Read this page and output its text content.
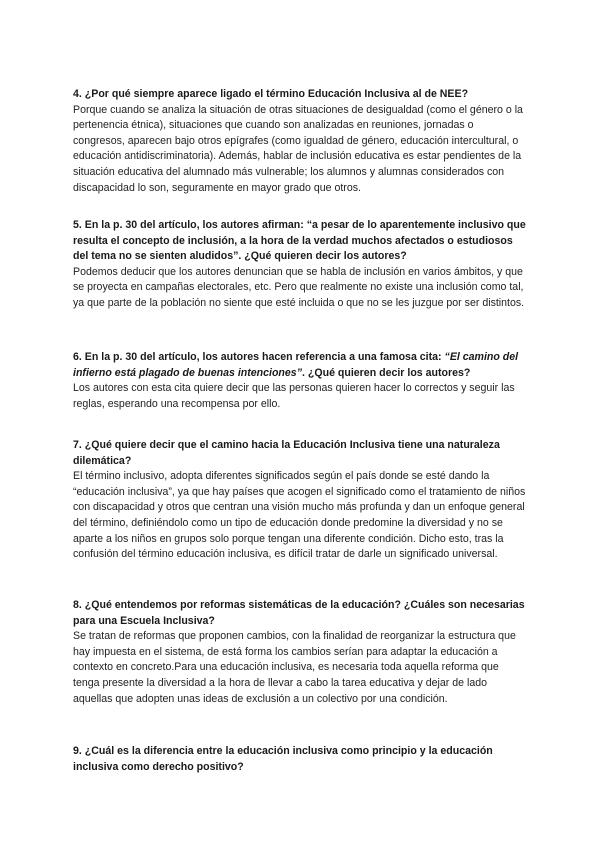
4. ¿Por qué siempre aparece ligado el término Educación Inclusiva al de NEE?

Porque cuando se analiza la situación de otras situaciones de desigualdad (como el género o la pertenencia étnica), situaciones que cuando son analizadas en reuniones, jornadas o congresos, aparecen bajo otros epígrafes (como igualdad de género, educación intercultural, o educación antidiscriminatoria). Además, hablar de inclusión educativa es estar pendientes de la situación educativa del alumnado más vulnerable; los alumnos y alumnas considerados con discapacidad lo son, seguramente en mayor grado que otros.

5. En la p. 30 del artículo, los autores afirman: “a pesar de lo aparentemente inclusivo que resulta el concepto de inclusión, a la hora de la verdad muchos afectados o estudiosos del tema no se sienten aludidos”. ¿Qué quieren decir los autores?

Podemos deducir que los autores denuncian que se habla de inclusión en varios ámbitos, y que se proyecta en campañas electorales, etc. Pero que realmente no existe una inclusión como tal, ya que parte de la población no siente que esté incluida o que no se les juzgue por ser distintos.

6. En la p. 30 del artículo, los autores hacen referencia a una famosa cita: “El camino del infierno está plagado de buenas intenciones”. ¿Qué quieren decir los autores?

Los autores con esta cita quiere decir que las personas quieren hacer lo correctos y seguir las reglas, esperando una recompensa por ello.

7. ¿Qué quiere decir que el camino hacia la Educación Inclusiva tiene una naturaleza dilemática?

El término inclusivo, adopta diferentes significados según el país donde se esté dando la “educación inclusiva”, ya que hay países que acogen el significado como el tratamiento de niños con discapacidad y otros que centran una visión mucho más profunda y dan un enfoque general del término, definiéndolo como un tipo de educación donde predomine la diversidad y no se aparte a los niños en grupos solo porque tengan una diferente condición. Dicho esto, tras la confusión del término educación inclusiva, es difícil tratar de darle un significado universal.

8. ¿Qué entendemos por reformas sistemáticas de la educación? ¿Cuáles son necesarias para una Escuela Inclusiva?

Se tratan de reformas que proponen cambios, con la finalidad de reorganizar la estructura que hay impuesta en el sistema, de está forma los cambios serían para adaptar la educación a contexto en concreto.Para una educación inclusiva, es necesaria toda aquella reforma que tenga presente la diversidad a la hora de llevar a cabo la tarea educativa y dejar de lado aquellas que adopten unas ideas de exclusión a un colectivo por una condición.

9. ¿Cuál es la diferencia entre la educación inclusiva como principio y la educación inclusiva como derecho positivo?
